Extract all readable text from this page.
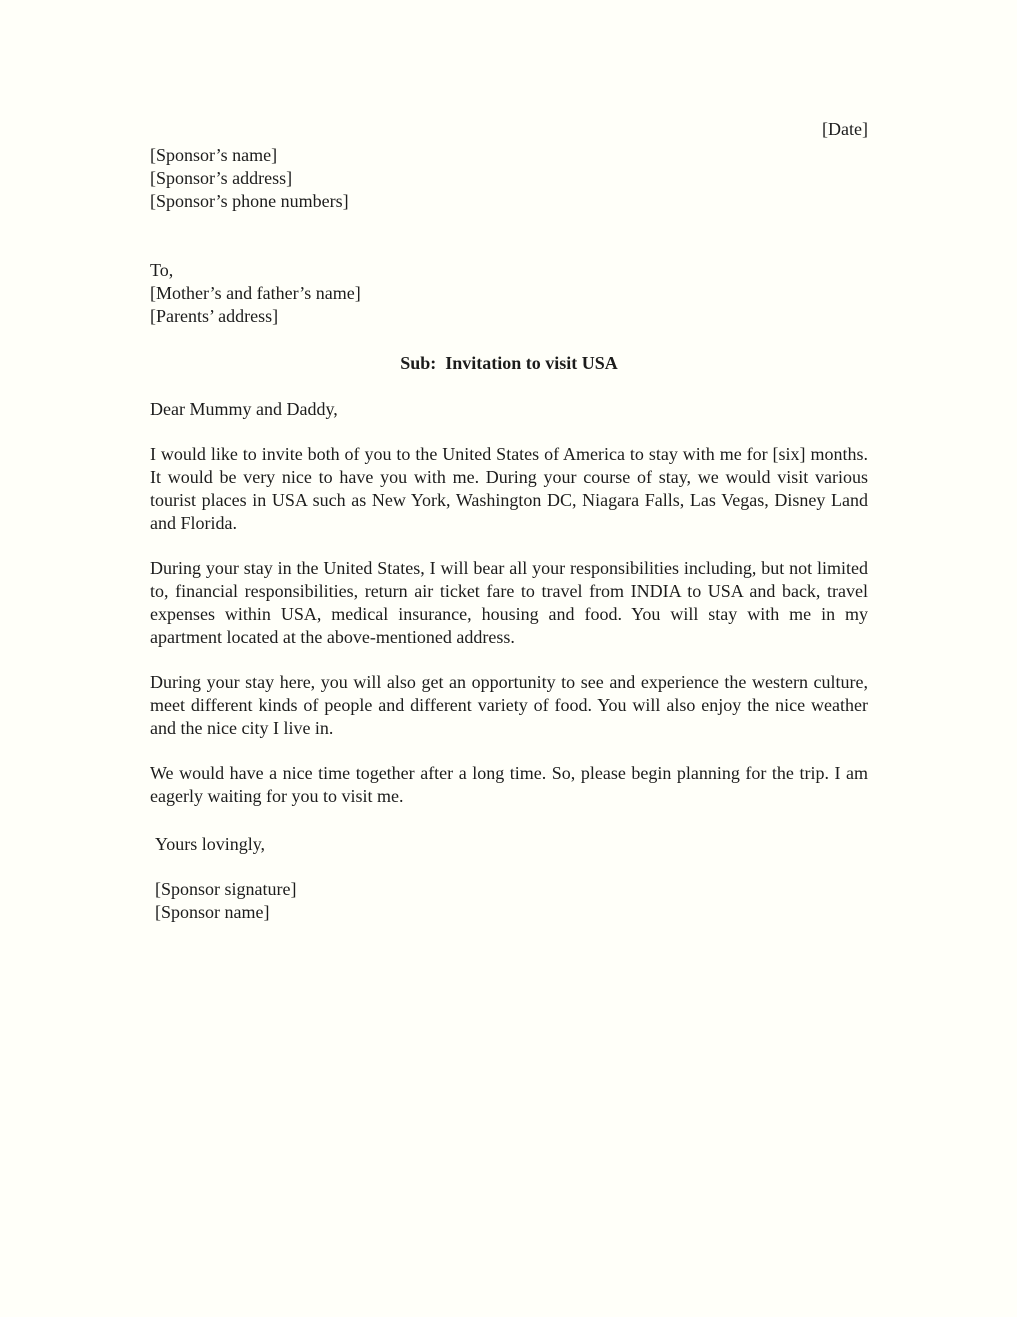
[Date]
[Sponsor’s name]
[Sponsor’s address]
[Sponsor’s phone numbers]
To,
[Mother’s and father’s name]
[Parents’ address]
Sub:  Invitation to visit USA
Dear Mummy and Daddy,

I would like to invite both of you to the United States of America to stay with me for [six] months. It would be very nice to have you with me. During your course of stay, we would visit various tourist places in USA such as New York, Washington DC, Niagara Falls, Las Vegas, Disney Land and Florida.

During your stay in the United States, I will bear all your responsibilities including, but not limited to, financial responsibilities, return air ticket fare to travel from INDIA to USA and back, travel expenses within USA, medical insurance, housing and food. You will stay with me in my apartment located at the above-mentioned address.

During your stay here, you will also get an opportunity to see and experience the western culture, meet different kinds of people and different variety of food. You will also enjoy the nice weather and the nice city I live in.

We would have a nice time together after a long time. So, please begin planning for the trip. I am eagerly waiting for you to visit me.

Yours lovingly,
[Sponsor signature]
[Sponsor name]
